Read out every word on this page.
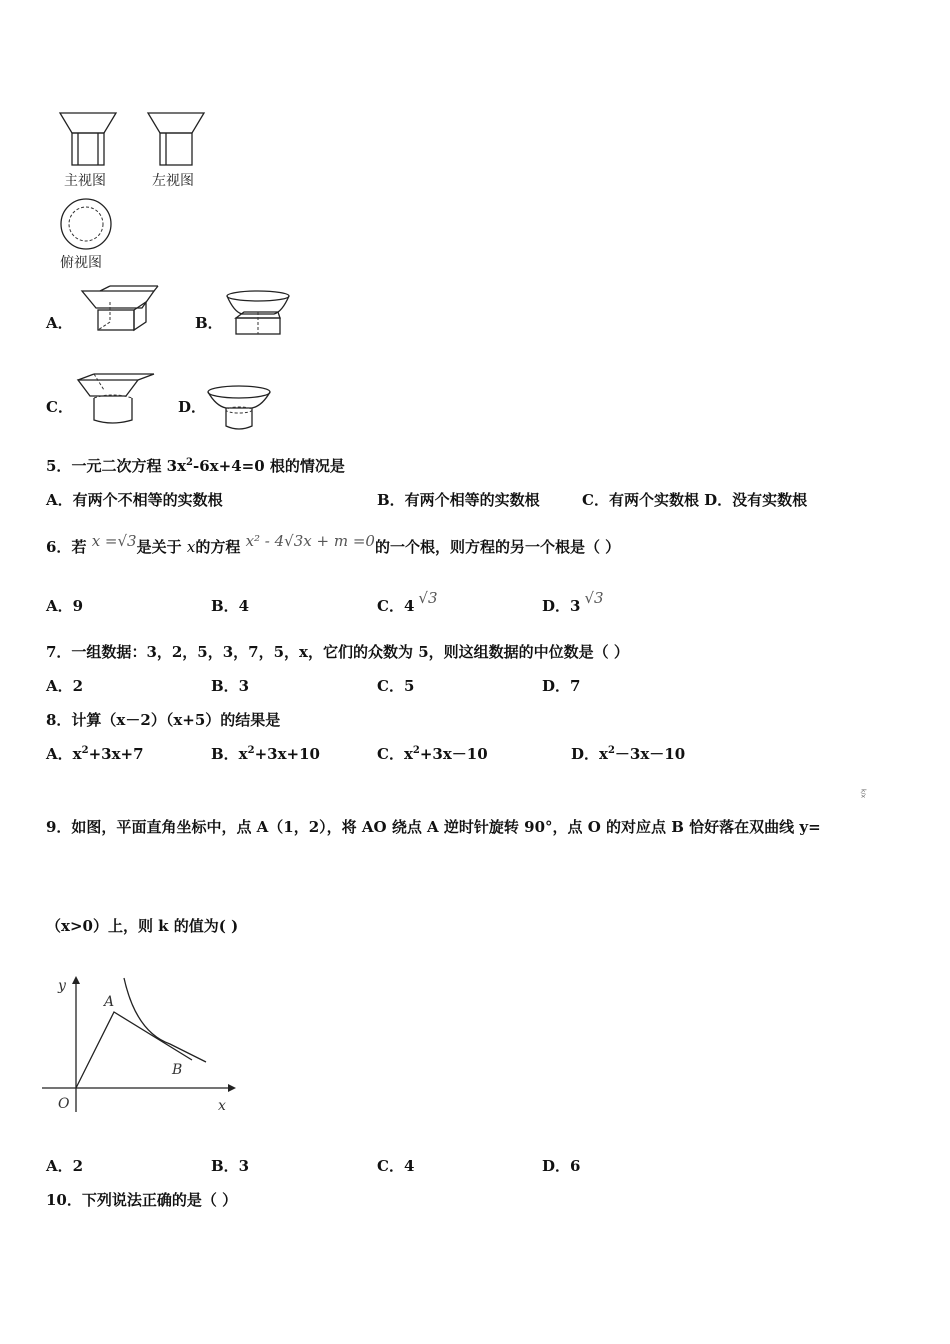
主视图	左视图
俯视图
A．	B．
C．	D．
5．一元二次方程 $3x^2-6x+4=0$ 根的情况是
A．有两个不相等的实数根	B．有两个相等的实数根	C．有两个实数根 D．没有实数根
6．若 x =√3是关于 x的方程 x² - 4√3x + m =0的一个根，则方程的另一个根是（ ）
A．9	B．4	C．4 √3	D．3 √3
7．一组数据：3，2，5，3，7，5，x，它们的众数为 5，则这组数据的中位数是（ ）
A．2	B．3	C．5	D．7
8．计算（x－2）（x+5）的结果是
A．$x^2+3x+7$	B．$x^2+3x+10$	C．$x^2+3x-10$	D．$x^2-3x-10$
k/x
9．如图，平面直角坐标中，点 A（1，2），将 AO 绕点 A 逆时针旋转 90°，点 O 的对应点 B 恰好落在双曲线 y=
（x>0）上，则 k 的值为( )
y
x
O
A
B
A．2	B．3	C．4	D．6
10．下列说法正确的是（ ）
